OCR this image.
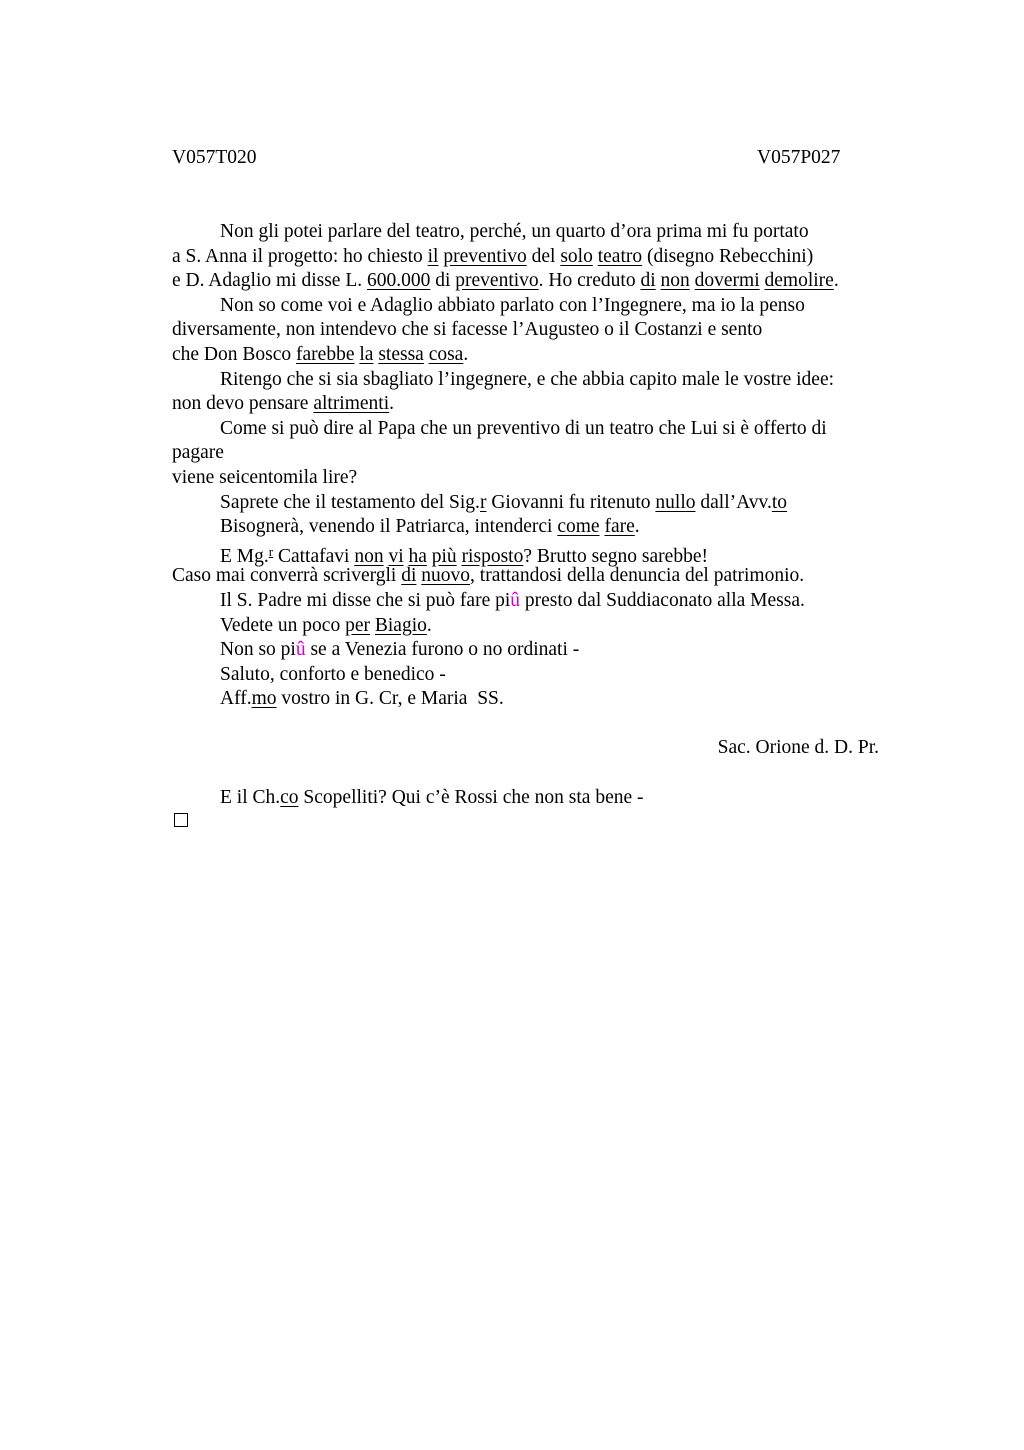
V057T020	V057P027
Non gli potei parlare del teatro, perché, un quarto d’ora prima mi fu portato
a S. Anna il progetto: ho chiesto il preventivo del solo teatro (disegno Rebecchini)
e D. Adaglio mi disse L. 600.000 di preventivo. Ho creduto di non dovermi demolire.
Non so come voi e Adaglio abbiato parlato con l’Ingegnere, ma io la penso
diversamente, non intendevo che si facesse l’Augusteo o il Costanzi e sento
che Don Bosco farebbe la stessa cosa.
Ritengo che si sia sbagliato l’ingegnere, e che abbia capito male le vostre idee:
non devo pensare altrimenti.
Come si può dire al Papa che un preventivo di un teatro che Lui si è offerto di
pagare
viene seicentomila lire?
Saprete che il testamento del Sig.r Giovanni fu ritenuto nullo dall’Avv.to
Bisognerà, venendo il Patriarca, intenderci come fare.
E Mg.$^r$ Cattafavi non vi ha più risposto? Brutto segno sarebbe!
Caso mai converrà scrivergli di nuovo, trattandosi della denuncia del patrimonio.
Il S. Padre mi disse che si può fare piû presto dal Suddiaconato alla Messa.
Vedete un poco per Biagio.
Non so piû se a Venezia furono o no ordinati -
Saluto, conforto e benedico -
Aff.mo vostro in G. Cr, e Maria  SS.
Sac. Orione d. D. Pr.
E il Ch.co Scopelliti? Qui c’è Rossi che non sta bene -
